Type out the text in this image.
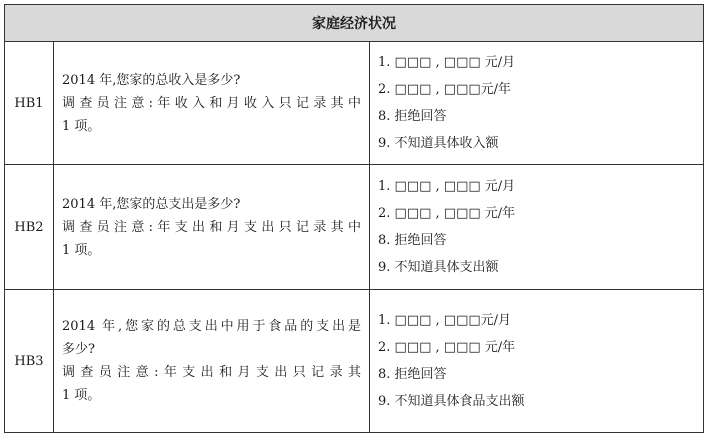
家庭经济状况
HB1
2014 年,您家的总收入是多少?
调查员注意:年收入和月收入只记录其中
1 项。
1. □□□ , □□□ 元/月
2. □□□ , □□□元/年
8. 拒绝回答
9. 不知道具体收入额
HB2
2014 年,您家的总支出是多少?
调查员注意:年支出和月支出只记录其中
1 项。
1. □□□ , □□□ 元/月
2. □□□ , □□□ 元/年
8. 拒绝回答
9. 不知道具体支出额
HB3
2014 年,您家的总支出中用于食品的支出是
多少?
调查员注意:年支出和月支出只记录其
1 项。
1. □□□ , □□□元/月
2. □□□ , □□□ 元/年
8. 拒绝回答
9. 不知道具体食品支出额
